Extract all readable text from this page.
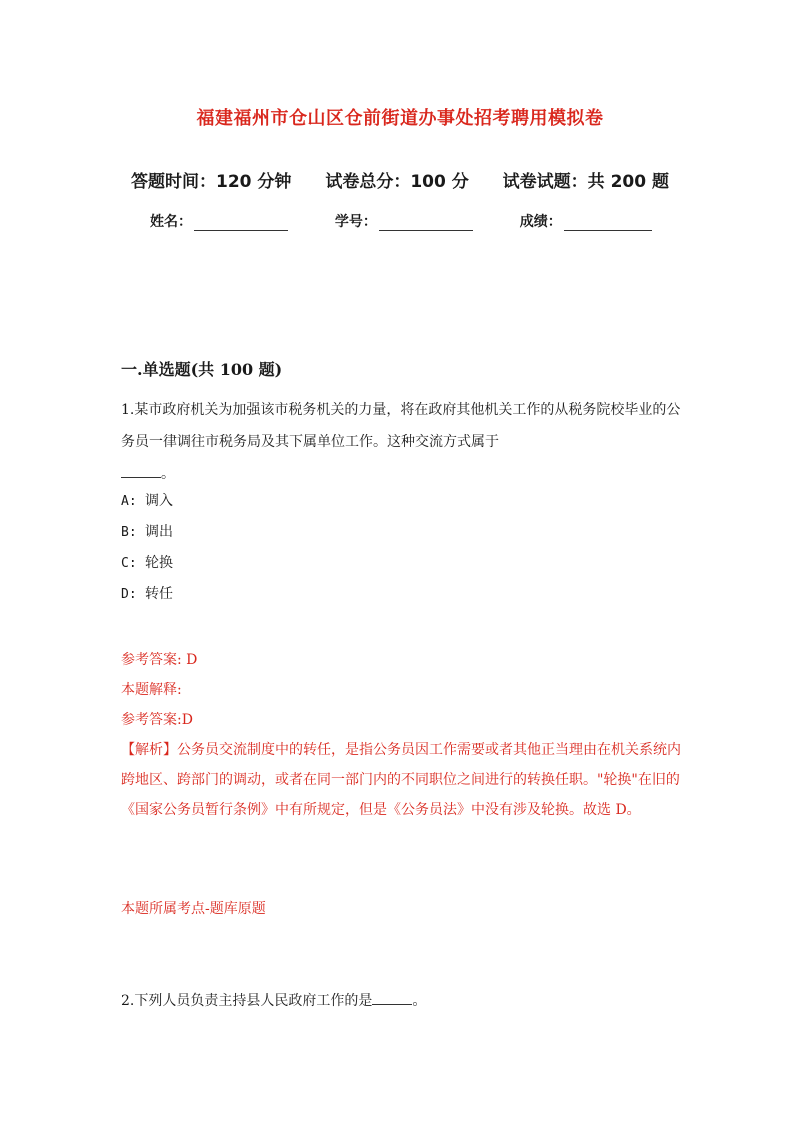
福建福州市仓山区仓前街道办事处招考聘用模拟卷
答题时间：120 分钟 试卷总分：100 分 试卷试题：共 200 题
姓名：	学号：	成绩：
一.单选题(共 100 题)

1.某市政府机关为加强该市税务机关的力量，将在政府其他机关工作的从税务院校毕业的公务员一律调往市税务局及其下属单位工作。这种交流方式属于
。

A: 调入
B: 调出
C: 轮换
D: 转任
参考答案: D
本题解释:
参考答案:D
【解析】公务员交流制度中的转任，是指公务员因工作需要或者其他正当理由在机关系统内跨地区、跨部门的调动，或者在同一部门内的不同职位之间进行的转换任职。"轮换"在旧的《国家公务员暂行条例》中有所规定，但是《公务员法》中没有涉及轮换。故选 D。
本题所属考点-题库原题
2.下列人员负责主持县人民政府工作的是	。
